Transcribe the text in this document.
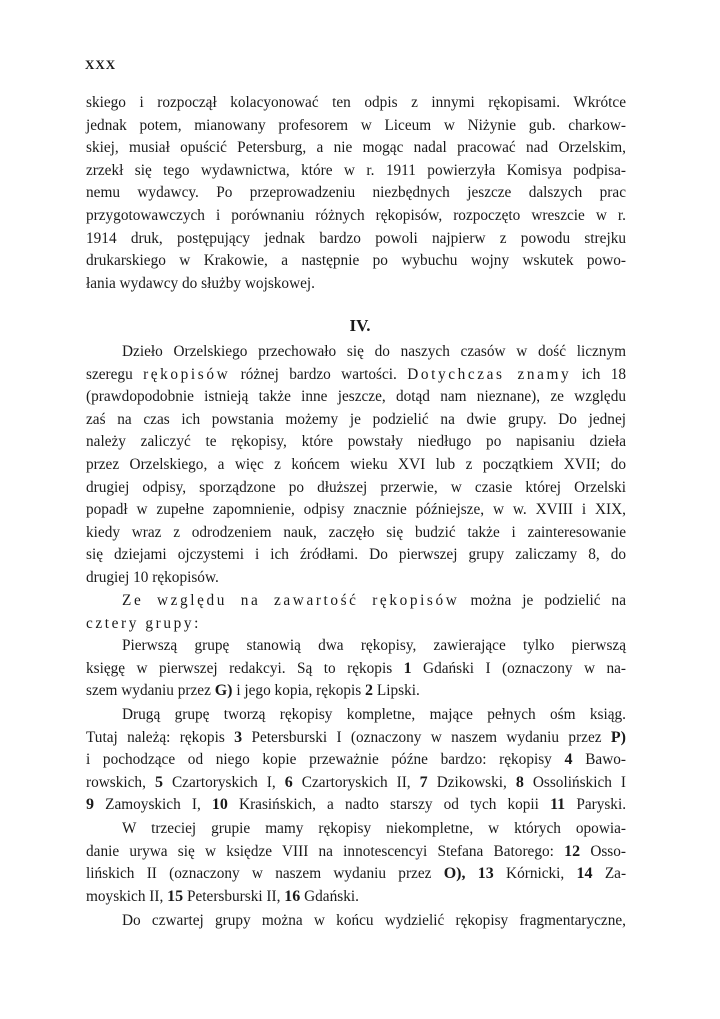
XXX
skiego i rozpoczął kolacyonować ten odpis z innymi rękopisami. Wkrótce
jednak potem, mianowany profesorem w Liceum w Niżynie gub. charkow-
skiej, musiał opuścić Petersburg, a nie mogąc nadal pracować nad Orzelskim,
zrzekł się tego wydawnictwa, które w r. 1911 powierzyła Komisya podpisa-
nemu wydawcy. Po przeprowadzeniu niezbędnych jeszcze dalszych prac
przygotowawczych i porównaniu różnych rękopisów, rozpoczęto wreszcie w r.
1914 druk, postępujący jednak bardzo powoli najpierw z powodu strejku
drukarskiego w Krakowie, a następnie po wybuchu wojny wskutek powo-
łania wydawcy do służby wojskowej.
IV.
Dzieło Orzelskiego przechowało się do naszych czasów w dość licznym
szeregu rękopisów różnej bardzo wartości. Dotychczas znamy ich 18
(prawdopodobnie istnieją także inne jeszcze, dotąd nam nieznane), ze względu
zaś na czas ich powstania możemy je podzielić na dwie grupy. Do jednej
należy zaliczyć te rękopisy, które powstały niedługo po napisaniu dzieła
przez Orzelskiego, a więc z końcem wieku XVI lub z początkiem XVII; do
drugiej odpisy, sporządzone po dłuższej przerwie, w czasie której Orzelski
popadł w zupełne zapomnienie, odpisy znacznie późniejsze, w w. XVIII i XIX,
kiedy wraz z odrodzeniem nauk, zaczęło się budzić także i zainteresowanie
się dziejami ojczystemi i ich źródłami. Do pierwszej grupy zaliczamy 8, do
drugiej 10 rękopisów.
Ze względu na zawartość rękopisów można je podzielić na
cztery grupy:
Pierwszą grupę stanowią dwa rękopisy, zawierające tylko pierwszą
księgę w pierwszej redakcyi. Są to rękopis 1 Gdański I (oznaczony w na-
szem wydaniu przez G) i jego kopia, rękopis 2 Lipski.
Drugą grupę tworzą rękopisy kompletne, mające pełnych ośm ksiąg.
Tutaj należą: rękopis 3 Petersburski I (oznaczony w naszem wydaniu przez P)
i pochodzące od niego kopie przeważnie późne bardzo: rękopisy 4 Bawo-
rowskich, 5 Czartoryskich I, 6 Czartoryskich II, 7 Dzikowski, 8 Ossolińskich I
9 Zamoyskich I, 10 Krasińskich, a nadto starszy od tych kopii 11 Paryski.
W trzeciej grupie mamy rękopisy niekompletne, w których opowia-
danie urywa się w księdze VIII na innotescencyi Stefana Batorego: 12 Osso-
lińskich II (oznaczony w naszem wydaniu przez O), 13 Kórnicki, 14 Za-
moyskich II, 15 Petersburski II, 16 Gdański.
Do czwartej grupy można w końcu wydzielić rękopisy fragmentaryczne,
